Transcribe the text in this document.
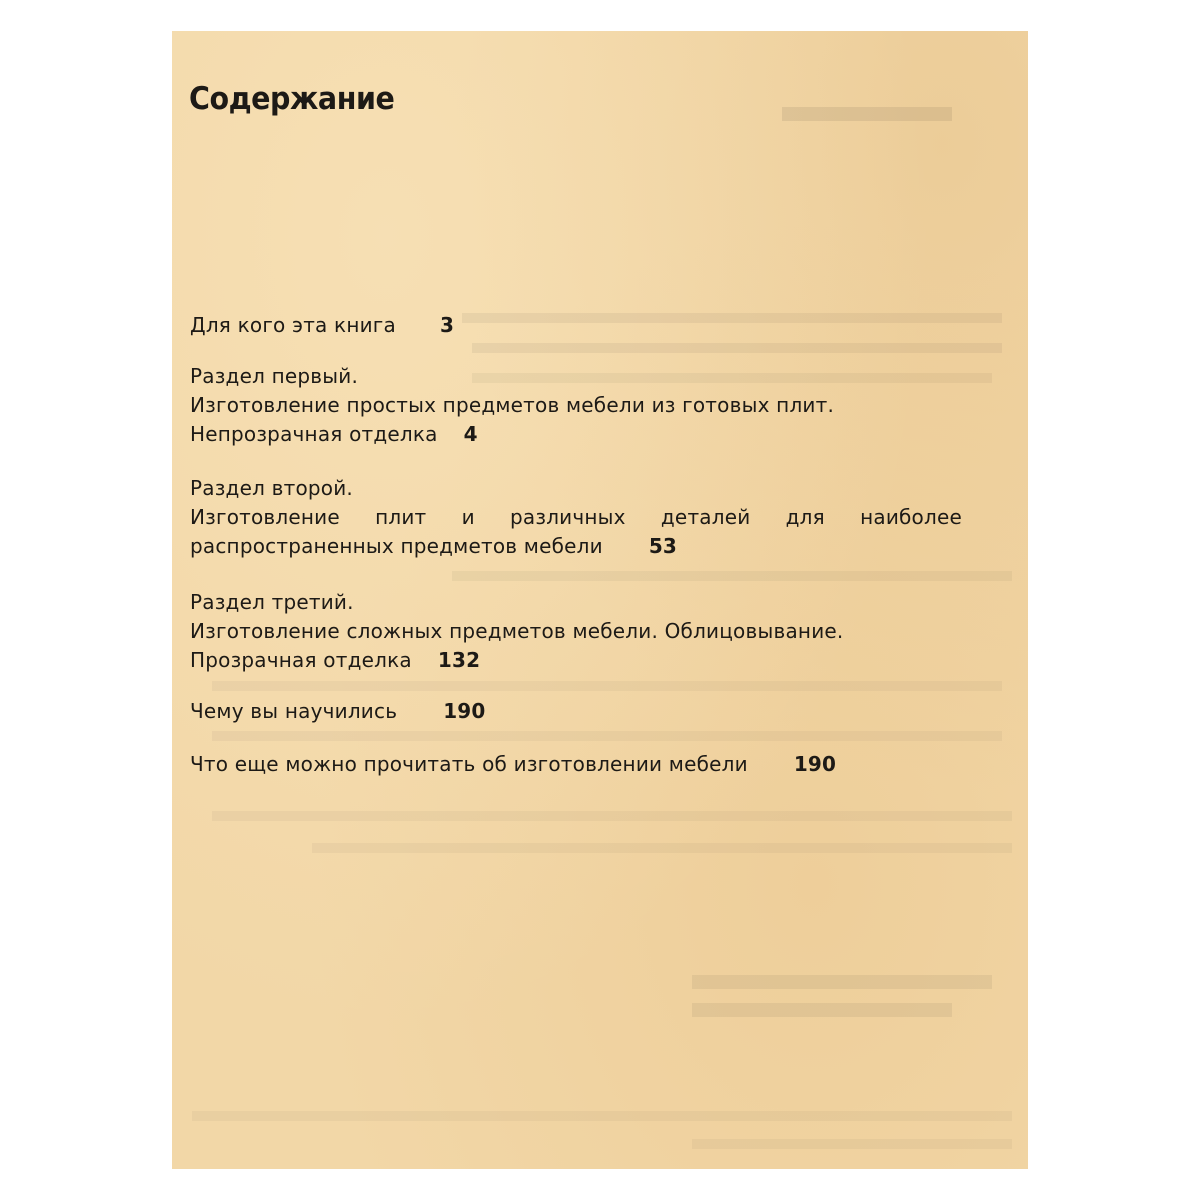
Содержание

Для кого эта книга 3

Раздел первый.

Изготовление простых предметов мебели из готовых плит.

Непрозрачная отделка 4

Раздел второй.

Изготовление плит и различных деталей для наиболее

распространенных предметов мебели 53

Раздел третий.

Изготовление сложных предметов мебели. Облицовывание.

Прозрачная отделка 132

Чему вы научились 190

Что еще можно прочитать об изготовлении мебели 190
